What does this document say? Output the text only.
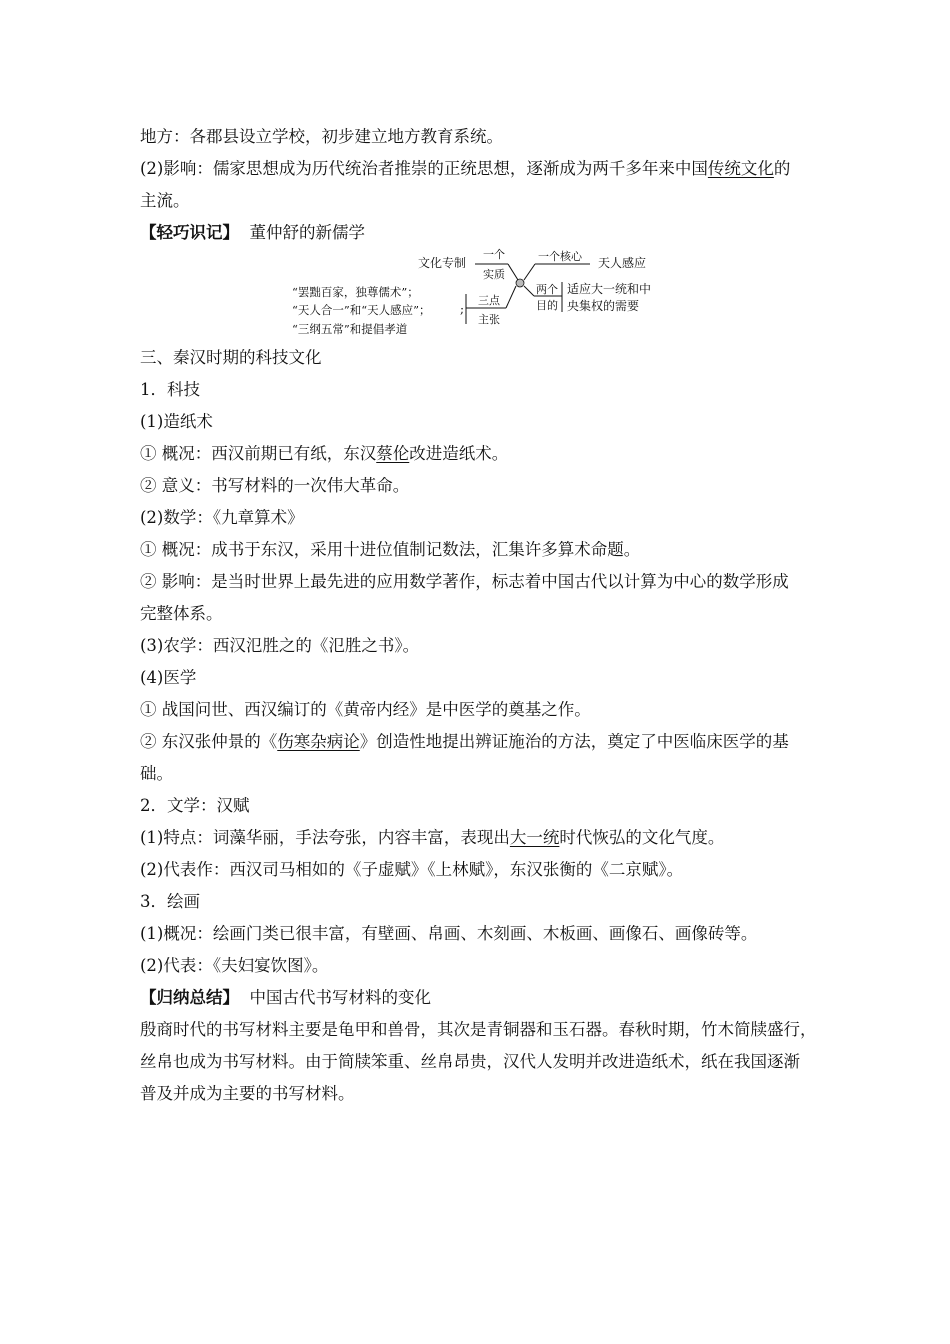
地方：各郡县设立学校，初步建立地方教育系统。
(2)影响：儒家思想成为历代统治者推崇的正统思想，逐渐成为两千多年来中国传统文化的
主流。
【轻巧识记】 董仲舒的新儒学
文化专制
一个
实质
一个核心 天人感应
两个
目的
适应大一统和中
央集权的需要
三点
主张
;
“罢黜百家，独尊儒术”；
“天人合一”和“天人感应”；
“三纲五常”和提倡孝道
三、秦汉时期的科技文化
1．科技
(1)造纸术
① 概况：西汉前期已有纸，东汉蔡伦改进造纸术。
② 意义：书写材料的一次伟大革命。
(2)数学：《九章算术》
① 概况：成书于东汉，采用十进位值制记数法，汇集许多算术命题。
② 影响：是当时世界上最先进的应用数学著作，标志着中国古代以计算为中心的数学形成
完整体系。
(3)农学：西汉氾胜之的《氾胜之书》。
(4)医学
① 战国问世、西汉编订的《黄帝内经》是中医学的奠基之作。
② 东汉张仲景的《伤寒杂病论》创造性地提出辨证施治的方法，奠定了中医临床医学的基
础。
2．文学：汉赋
(1)特点：词藻华丽，手法夸张，内容丰富，表现出大一统时代恢弘的文化气度。
(2)代表作：西汉司马相如的《子虚赋》《上林赋》，东汉张衡的《二京赋》。
3．绘画
(1)概况：绘画门类已很丰富，有壁画、帛画、木刻画、木板画、画像石、画像砖等。
(2)代表：《夫妇宴饮图》。
【归纳总结】 中国古代书写材料的变化
殷商时代的书写材料主要是龟甲和兽骨，其次是青铜器和玉石器。春秋时期，竹木简牍盛行，
丝帛也成为书写材料。由于简牍笨重、丝帛昂贵，汉代人发明并改进造纸术，纸在我国逐渐
普及并成为主要的书写材料。
